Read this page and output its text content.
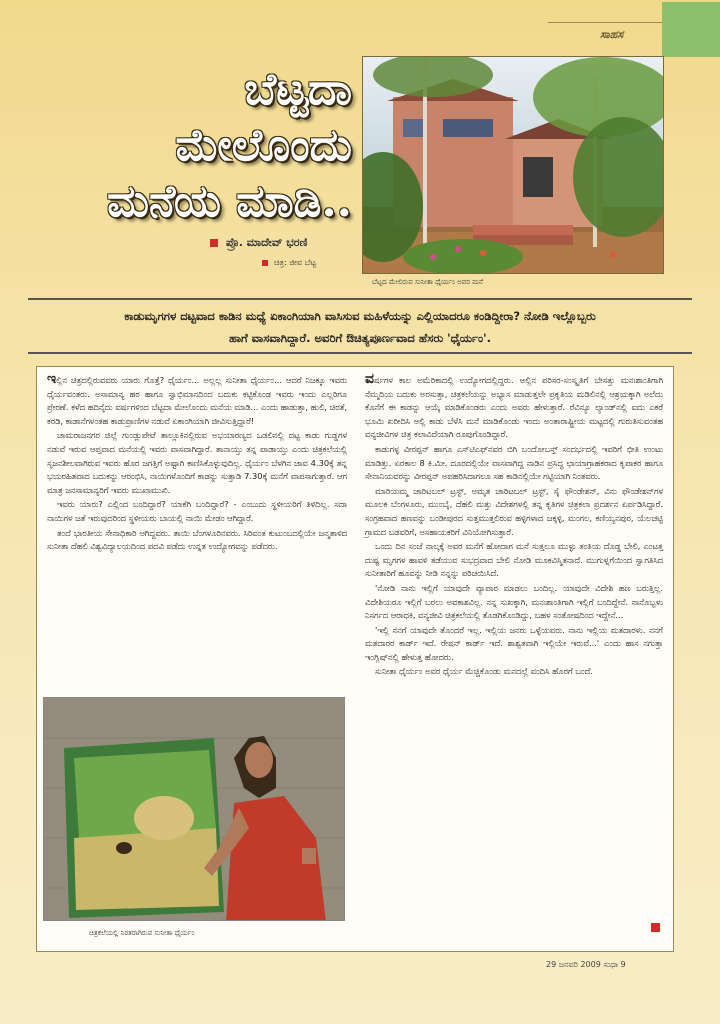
ಸಾಹಸ
ಬೆಟ್ಟದಾ
ಮೇಲೊಂದು
ಮನೆಯ ಮಾಡಿ..
ಪ್ರೊ. ಮಾದೇವ್ ಭರಣಿ
ಚಿತ್ರ: ಜೀವ ಬೆಟ್ಟ
ಬೆಟ್ಟದ ಮೇಲಿರುವ ಸುನೀತಾ ಧೈರ್ಯಂ ಅವರ ಮನೆ
ಕಾಡುಮೃಗಗಳ ದಟ್ಟವಾದ ಕಾಡಿನ ಮಧ್ಯೆ ಏಕಾಂಗಿಯಾಗಿ ವಾಸಿಸುವ ಮಹಿಳೆಯನ್ನು ಎಲ್ಲಿಯಾದರೂ ಕಂಡಿದ್ದೀರಾ? ನೋಡಿ ಇಲ್ಲೊಬ್ಬರು
ಹಾಗೆ ವಾಸವಾಗಿದ್ದಾರೆ. ಅವರಿಗೆ ಔಚಿತ್ಯಪೂರ್ಣವಾದ ಹೆಸರು 'ಧೈರ್ಯಂ'.

ಇಲ್ಲಿನ ಚಿತ್ರದಲ್ಲಿರುವವರು ಯಾರು ಗೊತ್ತೆ? ಧೈರ್ಯಂ... ಅಲ್ಲಲ್ಲ ಸುನೀತಾ ಧೈರ್ಯಂ... ಆದರೆ ನಿಜಕ್ಕೂ ಇವರು ಧೈರ್ಯವಂತರು. ಅಸಾಮಾನ್ಯ ಹಠ ಹಾಗೂ ಸ್ವಾಭಿಮಾನದಿಂದ ಬದುಕು ಕಟ್ಟಿಕೊಂಡ ಇವರು ಇಂದು ಎಲ್ಲರಿಗೂ ಪ್ರೇರಣೆ. ಕಳೆದ ಹದಿನೈದು ವರ್ಷಗಳಿಂದ ಬೆಟ್ಟದಾ ಮೇಲೊಂದು ಮನೆಯ ಮಾಡಿ... ಎಂದು ಹಾಡುತ್ತಾ, ಹುಲಿ, ಚಿರತೆ, ಕರಡಿ, ಕಾಡಾನೆಗಳಂತಹ ಕಾಡುಪ್ರಾಣಿಗಳ ನಡುವೆ ಏಕಾಂಗಿಯಾಗಿ ಜೀವಿಸುತ್ತಿದ್ದಾರೆ!

ಚಾಮರಾಜನಗರ ಜಿಲ್ಲೆ ಗುಂಡ್ಲುಪೇಟೆ ತಾಲ್ಲೂಕಿನಲ್ಲಿರುವ ಅಭಯಾರಣ್ಯದ ಒಡಲಿನಲ್ಲಿ ದಟ್ಟ ಕಾಡು ಗುಡ್ಡಗಳ ನಡುವೆ ಇರುವ ಆಪ್ತವಾದ ಮನೆಯಲ್ಲಿ ಇವರು ವಾಸವಾಗಿದ್ದಾರೆ. ತಾನಾಯ್ತು ತನ್ನ ಪಾಡಾಯ್ತು ಎಂದು ಚಿತ್ರಕಲೆಯಲ್ಲಿ ಸೃಜನಶೀಲವಾಗಿರುವ ಇವರು ಹೊರ ಜಗತ್ತಿಗೆ ಅಷ್ಟಾಗಿ ಕಾಣಿಸಿಕೊಳ್ಳುವುದಿಲ್ಲ. ಧೈರ್ಯಂ ಬೆಳಗಿನ ಜಾವ 4.30ಕ್ಕೆ ತನ್ನ ಭಯರಹಿತವಾದ ಬದುಕನ್ನು ಆರಂಭಿಸಿ, ನಾಯಿಗಳೊಂದಿಗೆ ಕಾಡನ್ನು ಸುತ್ತಾಡಿ 7.30ಕ್ಕೆ ಮನೆಗೆ ವಾಪಸಾಗುತ್ತಾರೆ. ಆಗ ಮಾತ್ರ ಜನಸಾಮಾನ್ಯರಿಗೆ ಇವರು ಮುಖಾಮುಖಿ.

ಇವರು ಯಾರು? ಎಲ್ಲಿಂದ ಬಂದಿದ್ದಾರೆ? ಯಾಕೆಗಿ ಬಂದಿದ್ದಾರೆ? - ಎಂಬುದು ಸ್ಥಳೀಯರಿಗೆ ತಿಳಿದಿಲ್ಲ. ಸದಾ ನಾಯಿಗಳ ಜತೆ ಇರುವುದರಿಂದ ಸ್ಥಳೀಯರು ಬಾಯಲ್ಲಿ ನಾಯಿ ಮೇಡಂ ಆಗಿದ್ದಾರೆ.

ತಂದೆ ಭಾರತೀಯ ಸೇನಾಧಿಕಾರಿ ಆಗಿದ್ದವರು. ತಾಯಿ ಬೆಂಗಳೂರಿನವರು. ಸಿರಿವಂತ ಕುಟುಂಬದಲ್ಲಿಯೇ ಜನ್ಮತಾಳಿದ ಸುನೀತಾ ದೆಹಲಿ ವಿಶ್ವವಿದ್ಯಾಲಯದಿಂದ ಪದವಿ ಪಡೆದು ಉನ್ನತ ಉದ್ಯೋಗವನ್ನು ಪಡೆದರು.

ವರ್ಷಗಳ ಕಾಲ ಅಮೆರಿಕಾದಲ್ಲಿ ಉದ್ಯೋಗದಲ್ಲಿದ್ದರು. ಅಲ್ಲಿನ ಪರಿಸರ-ಸಂಸ್ಕೃತಿಗೆ ಬೇಸತ್ತು ಮನಃಶಾಂತಿಗಾಗಿ ನೆಮ್ಮದಿಯ ಬದುಕು ಅರಸುತ್ತಾ, ಚಿತ್ರಕಲೆಯನ್ನು ಅಭ್ಯಾಸ ಮಾಡುತ್ತಲೇ ಪ್ರಕೃತಿಯ ಮಡಿಲಿನಲ್ಲಿ ಆಶ್ರಯಕ್ಕಾಗಿ ಅಲೆದು ಕೊನೆಗೆ ಈ ಕಾಡನ್ನು ಆಯ್ಕೆ ಮಾಡಿಕೊಂಡರು ಎಂದು ಅವರು ಹೇಳುತ್ತಾರೆ. ರೆವಿನ್ಯೂ ಲ್ಯಾಂಡ್‌ನಲ್ಲಿ ಐದು ಎಕರೆ ಭೂಮಿ ಖರೀದಿಸಿ ಅಲ್ಲಿ ಕಾಡು ಬೆಳೆಸಿ ಮನೆ ಮಾಡಿಕೊಂಡು ಇಂದು ಅಂತಾರಾಷ್ಟ್ರೀಯ ಮಟ್ಟದಲ್ಲಿ ಗುರುತಿಸುವಂತಹ ವನ್ಯಜೀವಿಗಳ ಚಿತ್ರ ಕಲಾವಿದೆಯಾಗಿ ರೂಪುಗೊಂಡಿದ್ದಾರೆ.

ಕಾಡುಗಳ್ಳ ವೀರಪ್ಪನ್ ಹಾಗೂ ಎಸ್‌ಟಿಎಫ್‌ನವರ ಬಿಗಿ ಬಂದೋಬಸ್ತ್ ಸಂದರ್ಭದಲ್ಲಿ ಇವರಿಗೆ ಭೀತಿ ಉಂಟು ಮಾಡಿತ್ತು. ಏರಕಾಲ 8 ಕಿ.ಮೀ. ದೂರದಲ್ಲಿಯೇ ವಾಸವಾಗಿದ್ದ ನಾಡಿನ ಪ್ರಸಿದ್ಧ ಛಾಯಾಗ್ರಾಹಕರಾದ ಕೃಪಾಕರ ಹಾಗೂ ಸೇನಾನಿಯವರನ್ನು ವೀರಪ್ಪನ್ ಅಪಹರಿಸಿದಾಗಲೂ ಸಹ ಕಾಡಿನಲ್ಲಿಯೇ ಗಟ್ಟಿಯಾಗಿ ನಿಂತವರು.

ಮಾರಿಯಮ್ಮ ಚಾರಿಟಬಲ್ ಟ್ರಸ್ಟ್, ಅಮೃತ ಚಾರಿಟಬಲ್ ಟ್ರಸ್ಟ್, ಸೈ ಫೌಂಡೇಶನ್, ವಿನು ಫೌಂಡೇಶನ್‌ಗಳ ಮೂಲಕ ಬೆಂಗಳೂರು, ಮುಂಬೈ, ದೆಹಲಿ ಮತ್ತು ವಿದೇಶಗಳಲ್ಲಿ ತನ್ನ ಕೃತಿಗಳ ಚಿತ್ರಕಲಾ ಪ್ರದರ್ಶನ ಏರ್ಪಡಿಸಿದ್ದಾರೆ. ಸಂಗ್ರಹವಾದ ಹಣವನ್ನು ಬಂಡೀಪುರದ ಸುತ್ತಮುತ್ತಲಿರುವ ಹಳ್ಳಿಗಳಾದ ಜಕ್ಕಳ್ಳಿ, ಮಂಗಲ, ಕಣಿಯ್ಯನಪುರ, ಯೆಲಚಟ್ಟಿ ಗ್ರಾಮದ ಬಡವರಿಗೆ, ಅಸಹಾಯಕರಿಗೆ ವಿನಿಯೋಗಿಸುತ್ತಾರೆ.

ಒಂದು ದಿನ ಸಂಜೆ ನಾಲ್ಕಕ್ಕೆ ಅವರ ಮನೆಗೆ ಹೋದಾಗ ಮನೆ ಸುತ್ತಲೂ ಮುಳ್ಳು ತಂತಿಯ ದೊಡ್ಡ ಬೇಲಿ, ಎಂಟತ್ತ ದುಷ್ಟ ಮೃಗಗಳ ಹಾವಳಿ ತಡೆಯುವ ಸುಭದ್ರವಾದ ಬೇಲಿ ನೋಡಿ ಮೂಕವಿಸ್ಮಿತನಾದೆ. ಮುಗುಳ್ನಗೆಯಿಂದ ಸ್ವಾಗತಿಸಿದ ಸುನೀತಾರಿಗೆ ಹೂವನ್ನು ನೀಡಿ ನನ್ನನ್ನು ಪರಿಚಯಿಸಿದೆ.

'ನೋಡಿ ನಾನು ಇಲ್ಲಿಗೆ ಯಾವುದೇ ವ್ಯಾಪಾರ ಮಾಡಲು ಬಂದಿಲ್ಲ. ಯಾವುದೇ ವಿದೇಶಿ ಹಣ ಬರುತ್ತಿಲ್ಲ. ವಿದೇಶಿಯರೂ ಇಲ್ಲಿಗೆ ಬರಲು ಅವಕಾಶವಿಲ್ಲ. ನನ್ನ ಸುಖಕ್ಕಾಗಿ, ಮನಃಶಾಂತಿಗಾಗಿ ಇಲ್ಲಿಗೆ ಬಂದಿದ್ದೇನೆ. ನಾನೊಬ್ಬಳು ನಿಸರ್ಗದ ಆರಾಧಕಿ, ವನ್ಯಜೀವಿ ಚಿತ್ರಕಲೆಯಲ್ಲಿ ತೊಡಗಿಕೊಂಡಿದ್ದು, ಬಹಳ ಸಂತೋಷದಿಂದ ಇದ್ದೇನೆ...

'ಇಲ್ಲಿ ನನಗೆ ಯಾವುದೇ ತೊಂದರೆ ಇಲ್ಲ. ಇಲ್ಲಿಯ ಜನರು ಒಳ್ಳೆಯವರು. ನಾನು ಇಲ್ಲಿಯ ಮತದಾರಳು. ನನಗೆ ಮತದಾರರ ಕಾರ್ಡ್ ಇದೆ. ರೇಷನ್ ಕಾರ್ಡ್ ಇದೆ. ಶಾಶ್ವತವಾಗಿ ಇಲ್ಲಿಯೇ ಇರುವೆ...' ಎಂದು ಹಾಸ ನಗುತ್ತಾ ಇಂಗ್ಲಿಷ್‌ನಲ್ಲಿ ಹೇಳುತ್ತ ಹೋದರು.

ಸುನೀತಾ ಧೈರ್ಯಂ ಅವರ ಧೈರ್ಯ ಮೆಚ್ಚಿಕೊಂಡು ಮನದಲ್ಲೆ ವಂದಿಸಿ ಹೊರಗೆ ಬಂದೆ.

ಚಿತ್ರಕಲೆಯಲ್ಲಿ ನಿರತರಾಗಿರುವ ಸುನೀತಾ ಧೈರ್ಯಂ
29 ಜನವರಿ 2009 ಸುಧಾ 9
